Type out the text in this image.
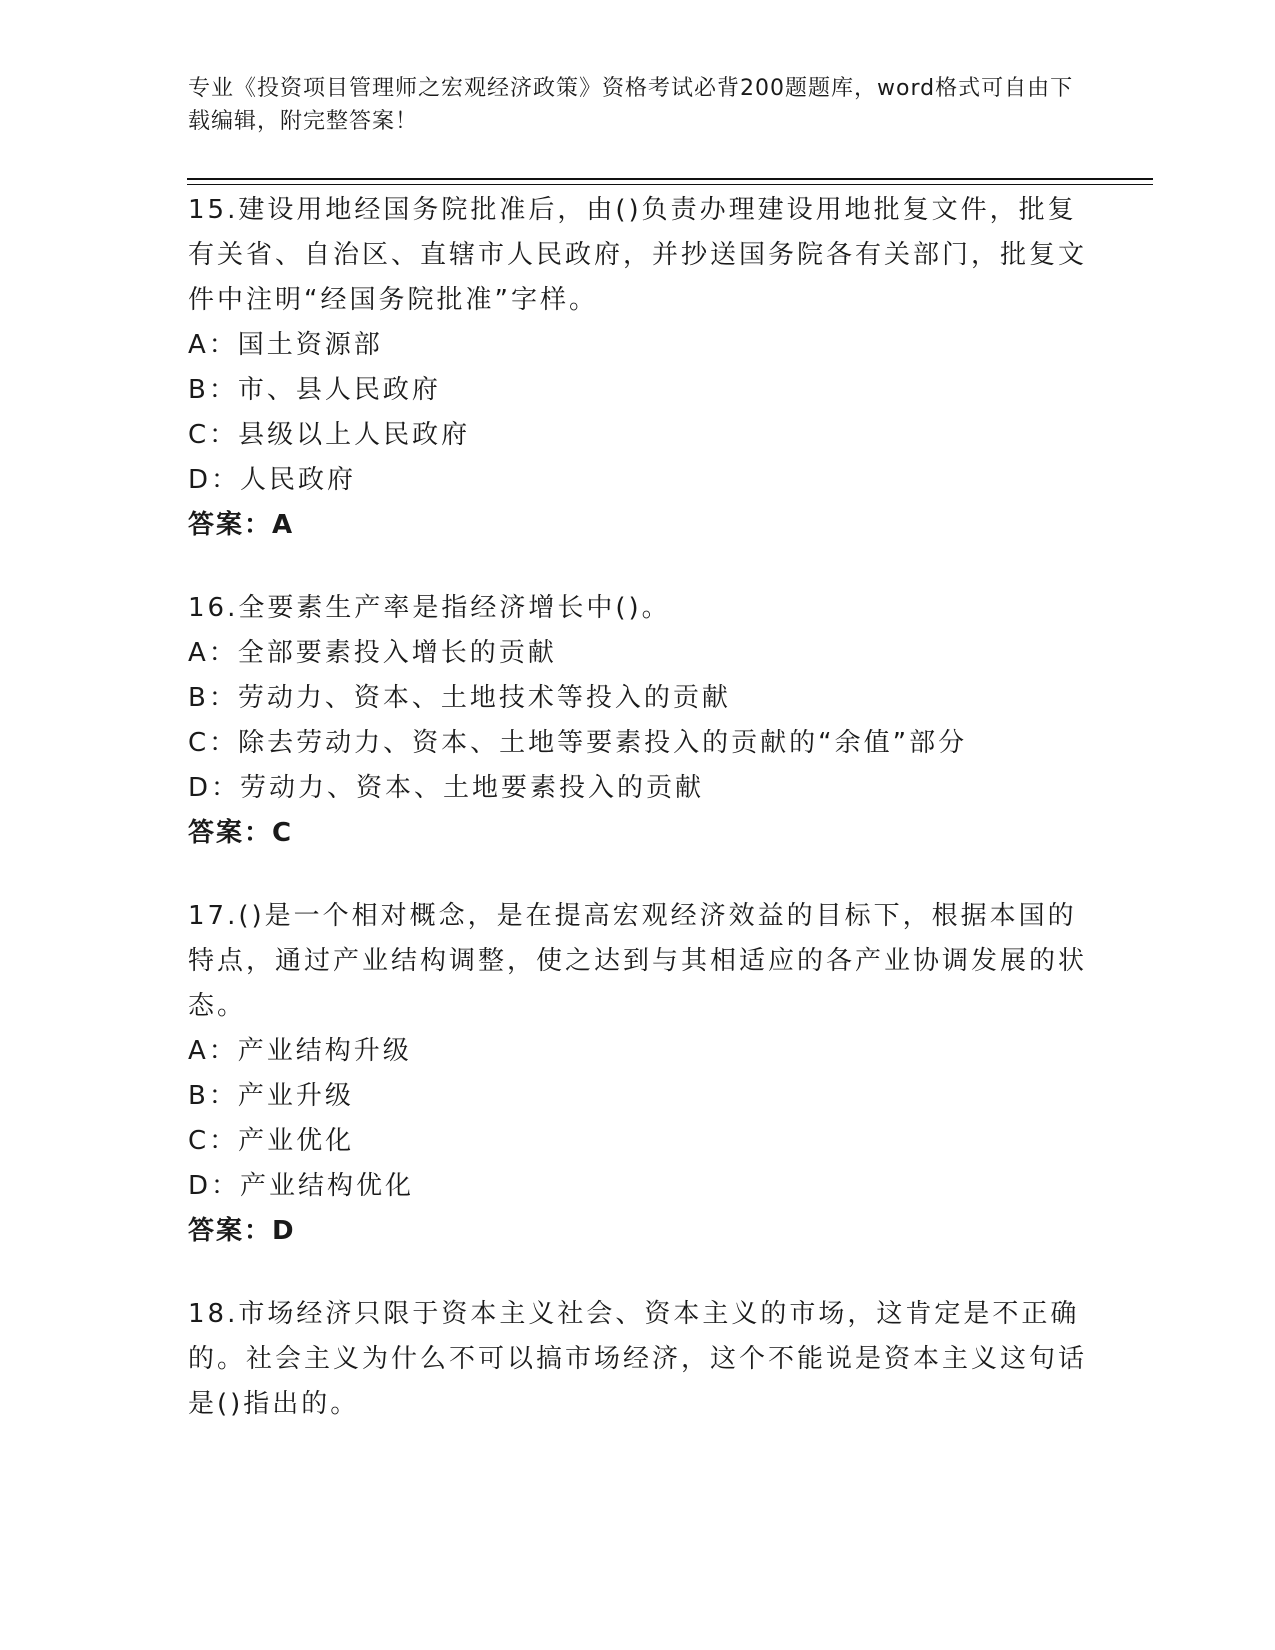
专业《投资项目管理师之宏观经济政策》资格考试必背200题题库，word格式可自由下载编辑，附完整答案！
15.建设用地经国务院批准后，由()负责办理建设用地批复文件，批复有关省、自治区、直辖市人民政府，并抄送国务院各有关部门，批复文件中注明“经国务院批准”字样。
A：国土资源部
B：市、县人民政府
C：县级以上人民政府
D：人民政府
答案：A
16.全要素生产率是指经济增长中()。
A：全部要素投入增长的贡献
B：劳动力、资本、土地技术等投入的贡献
C：除去劳动力、资本、土地等要素投入的贡献的“余值”部分
D：劳动力、资本、土地要素投入的贡献
答案：C
17.()是一个相对概念，是在提高宏观经济效益的目标下，根据本国的特点，通过产业结构调整，使之达到与其相适应的各产业协调发展的状态。
A：产业结构升级
B：产业升级
C：产业优化
D：产业结构优化
答案：D
18.市场经济只限于资本主义社会、资本主义的市场，这肯定是不正确的。社会主义为什么不可以搞市场经济，这个不能说是资本主义这句话是()指出的。
